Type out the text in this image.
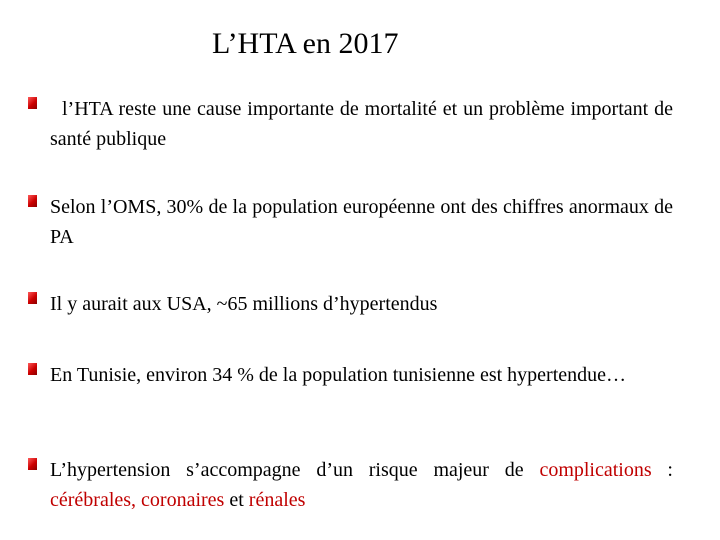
L’HTA en 2017
l’HTA reste une cause importante de mortalité et un problème important de santé publique
Selon l’OMS, 30% de la population européenne ont des chiffres anormaux de PA
Il y aurait aux USA, ~65 millions d’hypertendus
En Tunisie, environ 34 % de la population tunisienne est hypertendue…
L’hypertension s’accompagne d’un risque majeur de complications : cérébrales, coronaires et rénales
